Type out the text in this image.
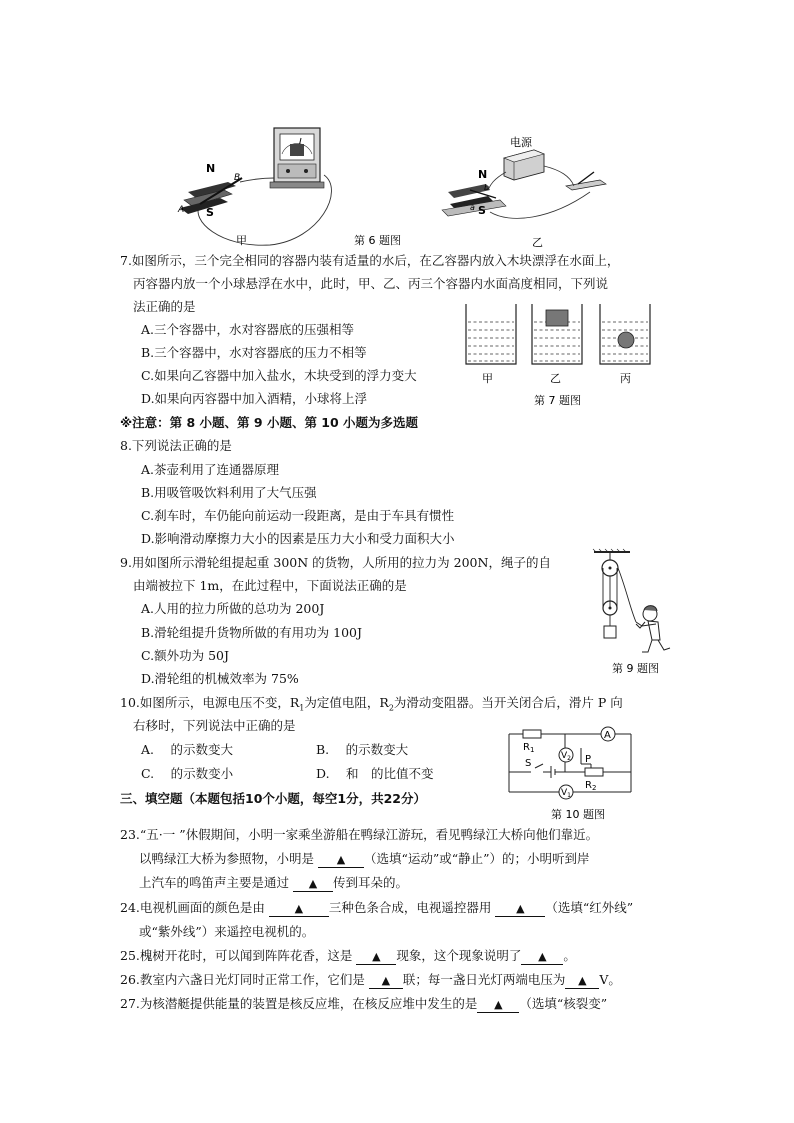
N
S
A
B
甲
电源
N
S
a
b
乙
第 6 题图
7.如图所示，三个完全相同的容器内装有适量的水后，在乙容器内放入木块漂浮在水面上，
丙容器内放一个小球悬浮在水中，此时，甲、乙、丙三个容器内水面高度相同，下列说
法正确的是
A.三个容器中，水对容器底的压强相等
B.三个容器中，水对容器底的压力不相等
C.如果向乙容器中加入盐水，木块受到的浮力变大
D.如果向丙容器中加入酒精，小球将上浮
甲	乙	丙
第 7 题图
※注意：第 8 小题、第 9 小题、第 10 小题为多选题
8.下列说法正确的是
A.茶壶利用了连通器原理
B.用吸管吸饮料利用了大气压强
C.刹车时，车仍能向前运动一段距离，是由于车具有惯性
D.影响滑动摩擦力大小的因素是压力大小和受力面积大小
9.用如图所示滑轮组提起重 300N 的货物，人所用的拉力为 200N，绳子的自
由端被拉下 1m，在此过程中，下面说法正确的是
A.人用的拉力所做的总功为 200J
B.滑轮组提升货物所做的有用功为 100J
C.额外功为 50J
D.滑轮组的机械效率为 75%
第 9 题图
10.如图所示，电源电压不变，$R_1$为定值电阻，$R_2$为滑动变阻器。当开关闭合后，滑片 P 向
右移时，下列说法中正确的是
A.　 的示数变大	B.　 的示数变大
C.　 的示数变小	D.　 和　的比值不变
A
$V_2$
$V_1$
$R_1$
$R_2$
P
S
第 10 题图
三、填空题（本题包括10个小题，每空1分，共22分）
23.“五·一 ”休假期间，小明一家乘坐游船在鸭绿江游玩，看见鸭绿江大桥向他们靠近。
以鸭绿江大桥为参照物，小明是 ▲ （选填“运动”或“静止”）的；小明听到岸
上汽车的鸣笛声主要是通过 ▲ 传到耳朵的。
24.电视机画面的颜色是由	▲ 三种色条合成，电视遥控器用 ▲ （选填“红外线”
或“紫外线”）来遥控电视机的。
25.槐树开花时，可以闻到阵阵花香，这是 ▲ 现象，这个现象说明了 ▲ 。
26.教室内六盏日光灯同时正常工作，它们是 ▲ 联；每一盏日光灯两端电压为 ▲ V。
27.为核潜艇提供能量的装置是核反应堆，在核反应堆中发生的是 ▲ （选填“核裂变”
